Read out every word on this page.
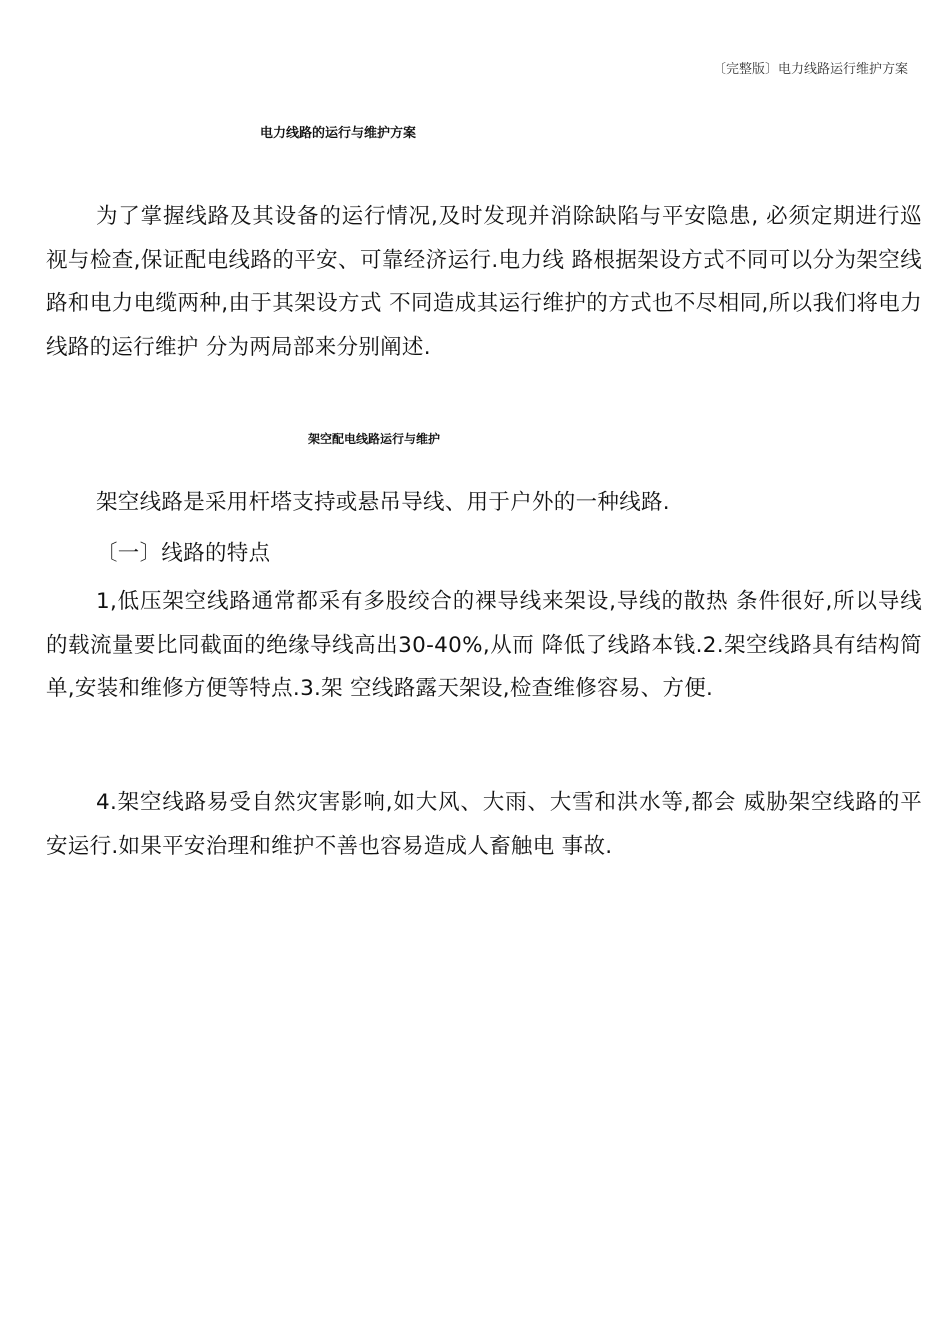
〔完整版〕电力线路运行维护方案
电力线路的运行与维护方案

为了掌握线路及其设备的运行情况,及时发现并消除缺陷与平安隐患, 必须定期进行巡视与检查,保证配电线路的平安、可靠经济运行.电力线 路根据架设方式不同可以分为架空线路和电力电缆两种,由于其架设方式 不同造成其运行维护的方式也不尽相同,所以我们将电力线路的运行维护 分为两局部来分别阐述.

架空配电线路运行与维护

架空线路是采用杆塔支持或悬吊导线、用于户外的一种线路.

〔一〕线路的特点

1,低压架空线路通常都采有多股绞合的裸导线来架设,导线的散热 条件很好,所以导线的载流量要比同截面的绝缘导线高出30-40%,从而 降低了线路本钱.2.架空线路具有结构简单,安装和维修方便等特点.3.架 空线路露天架设,检查维修容易、方便.

4.架空线路易受自然灾害影响,如大风、大雨、大雪和洪水等,都会 威胁架空线路的平安运行.如果平安治理和维护不善也容易造成人畜触电 事故.
